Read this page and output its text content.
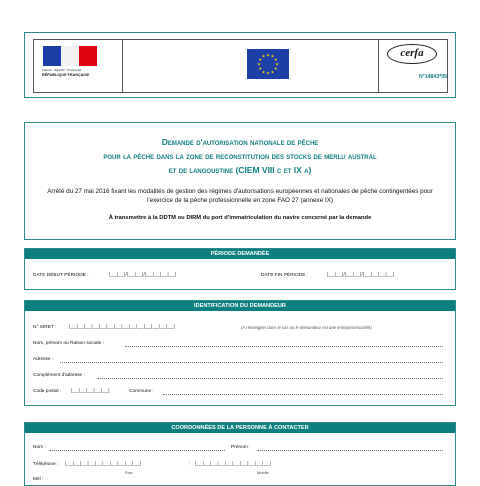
Liberté • Égalité • Fraternité
RÉPUBLIQUE FRANÇAISE
★ ★
★
★
★
★
★
★
★
★
★
★	cerfa
N°14843*05
Demande d'autorisation nationale de pêche
pour la pêche dans la zone de reconstitution des stocks de merlu austral
et de langoustine (CIEM VIII c et IX a)
Arrêté du 27 mai 2016 fixant les modalités de gestion des régimes d'autorisations européennes et nationales de pêche contingentées pour l'exercice de la pêche professionnelle en zone FAO 27 (annexe IX)
À transmettre à la DDTM ou DIRM du port d'immatriculation du navire concerné par la demande
PÉRIODE DEMANDÉE
DATE DÉBUT PÉRIODE :	|__|__|/|__|__|/|__|__|__|__|	DATE FIN PÉRIODE :	|__|__|/|__|__|/|__|__|__|__|
IDENTIFICATION DU DEMANDEUR
N° SIRET :	|__|__|__|__|__|__|__|__|__|__|__|__|__|__|	(À renseigner dans le cas où le demandeur est une entreprise/société)
Nom, prénom ou Raison sociale :
Adresse :
Complément d'adresse :
Code postal : |__|__|__|__|__|	Commune :
COORDONNÉES DE LA PERSONNE À CONTACTER
Nom :	Prénom :
Téléphone : |__|__|__|__|__|__|__|__|__|__|	; |__|__|__|__|__|__|__|__|__|__|
Fixe	Mobile
Mél :
